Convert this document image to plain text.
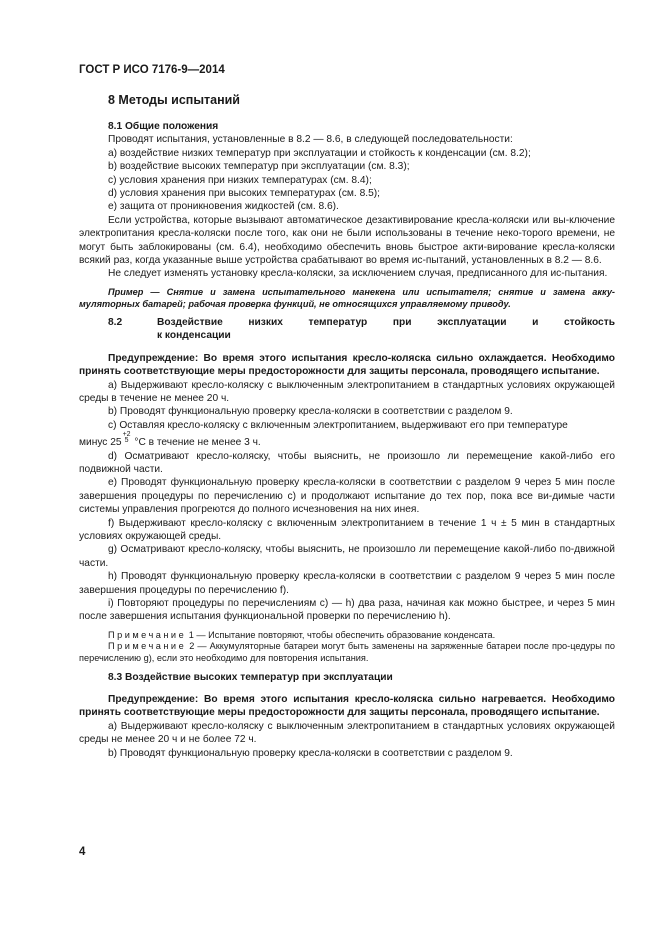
ГОСТ Р ИСО 7176-9—2014
8 Методы испытаний

8.1 Общие положения

Проводят испытания, установленные в 8.2 — 8.6, в следующей последовательности:

а) воздействие низких температур при эксплуатации и стойкость к конденсации (см. 8.2);

b) воздействие высоких температур при эксплуатации (см. 8.3);

с) условия хранения при низких температурах (см. 8.4);

d) условия хранения при высоких температурах (см. 8.5);

е) защита от проникновения жидкостей (см. 8.6).

Если устройства, которые вызывают автоматическое дезактивирование кресла-коляски или вы-ключение электропитания кресла-коляски после того, как они не были использованы в течение неко-торого времени, не могут быть заблокированы (см. 6.4), необходимо обеспечить вновь быстрое акти-вирование кресла-коляски всякий раз, когда указанные выше устройства срабатывают во время ис-пытаний, установленных в 8.2 — 8.6.

Не следует изменять установку кресла-коляски, за исключением случая, предписанного для ис-пытания.

Пример — Снятие и замена испытательного манекена или испытателя; снятие и замена акку-муляторных батарей; рабочая проверка функций, не относящихся управляемому приводу.

8.2	Воздействие	низких	температур	при	эксплуатации	и	стойкость
к конденсации

Предупреждение: Во время этого испытания кресло-коляска сильно охлаждается. Необходимо принять соответствующие меры предосторожности для защиты персонала, проводящего испытание.

а) Выдерживают кресло-коляску с выключенным электропитанием в стандартных условиях окружающей среды в течение не менее 20 ч.

b) Проводят функциональную проверку кресла-коляски в соответствии с разделом 9.

с) Оставляя кресло-коляску с включенным электропитанием, выдерживают его при температуре

минус $25^{+2 5}$ °С в течение не менее 3 ч.

d) Осматривают кресло-коляску, чтобы выяснить, не произошло ли перемещение какой-либо его подвижной части.

е) Проводят функциональную проверку кресла-коляски в соответствии с разделом 9 через 5 мин после завершения процедуры по перечислению с) и продолжают испытание до тех пор, пока все ви-димые части системы управления прогреются до полного исчезновения на них инея.

f) Выдерживают кресло-коляску с включенным электропитанием в течение 1 ч ± 5 мин в стандартных условиях окружающей среды.

g) Осматривают кресло-коляску, чтобы выяснить, не произошло ли перемещение какой-либо по-движной части.

h) Проводят функциональную проверку кресла-коляски в соответствии с разделом 9 через 5 мин после завершения процедуры по перечислению f).

i) Повторяют процедуры по перечислениям с) — h) два раза, начиная как можно быстрее, и через 5 мин после завершения испытания функциональной проверки по перечислению h).

Примечание 1 — Испытание повторяют, чтобы обеспечить образование конденсата.

Примечание 2 — Аккумуляторные батареи могут быть заменены на заряженные батареи после про-цедуры по перечислению g), если это необходимо для повторения испытания.

8.3 Воздействие высоких температур при эксплуатации

Предупреждение: Во время этого испытания кресло-коляска сильно нагревается. Необходимо принять соответствующие меры предосторожности для защиты персонала, проводящего испытание.

а) Выдерживают кресло-коляску с выключенным электропитанием в стандартных условиях окружающей среды не менее 20 ч и не более 72 ч.

b) Проводят функциональную проверку кресла-коляски в соответствии с разделом 9.

4
